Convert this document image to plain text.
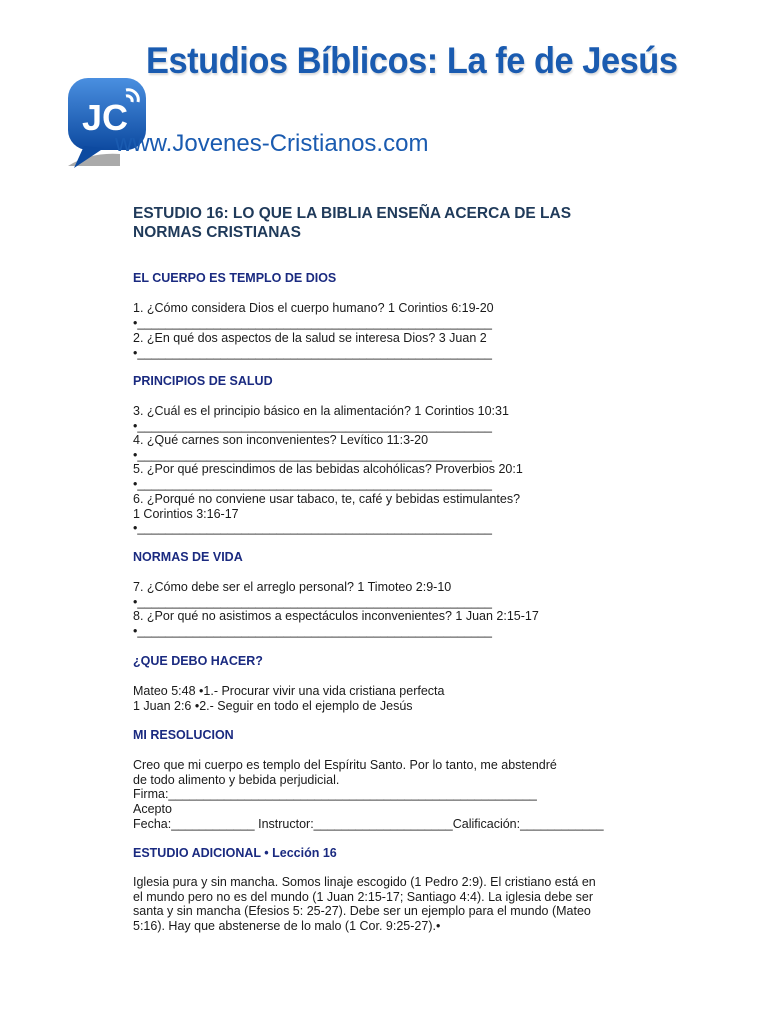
JC
Estudios Bíblicos: La fe de Jesús
www.Jovenes-Cristianos.com
ESTUDIO 16: LO QUE LA BIBLIA ENSEÑA ACERCA DE LAS NORMAS CRISTIANAS
EL CUERPO ES TEMPLO DE DIOS
1. ¿Cómo considera Dios el cuerpo humano? 1 Corintios 6:19-20
•___________________________________________________
2. ¿En qué dos aspectos de la salud se interesa Dios? 3 Juan 2
•___________________________________________________
PRINCIPIOS DE SALUD
3. ¿Cuál es el principio básico en la alimentación? 1 Corintios 10:31
•___________________________________________________
4. ¿Qué carnes son inconvenientes? Levítico 11:3-20
•___________________________________________________
5. ¿Por qué prescindimos de las bebidas alcohólicas? Proverbios 20:1
•___________________________________________________
6. ¿Porqué no conviene usar tabaco, te, café y bebidas estimulantes?
1 Corintios 3:16-17
•___________________________________________________
NORMAS DE VIDA
7. ¿Cómo debe ser el arreglo personal? 1 Timoteo 2:9-10
•___________________________________________________
8. ¿Por qué no asistimos a espectáculos inconvenientes? 1 Juan 2:15-17
•___________________________________________________
¿QUE DEBO HACER?
Mateo 5:48 •1.- Procurar vivir una vida cristiana perfecta
1 Juan 2:6 •2.- Seguir en todo el ejemplo de Jesús
MI RESOLUCION
Creo que mi cuerpo es templo del Espíritu Santo. Por lo tanto, me abstendré
de todo alimento y bebida perjudicial.
Firma:_____________________________________________________
Acepto
Fecha:____________ Instructor:____________________Calificación:____________
ESTUDIO ADICIONAL • Lección 16
Iglesia pura y sin mancha. Somos linaje escogido (1 Pedro 2:9). El cristiano está en el mundo pero no es del mundo (1 Juan 2:15-17; Santiago 4:4). La iglesia debe ser santa y sin mancha (Efesios 5: 25-27). Debe ser un ejemplo para el mundo (Mateo 5:16). Hay que abstenerse de lo malo (1 Cor. 9:25-27).•
